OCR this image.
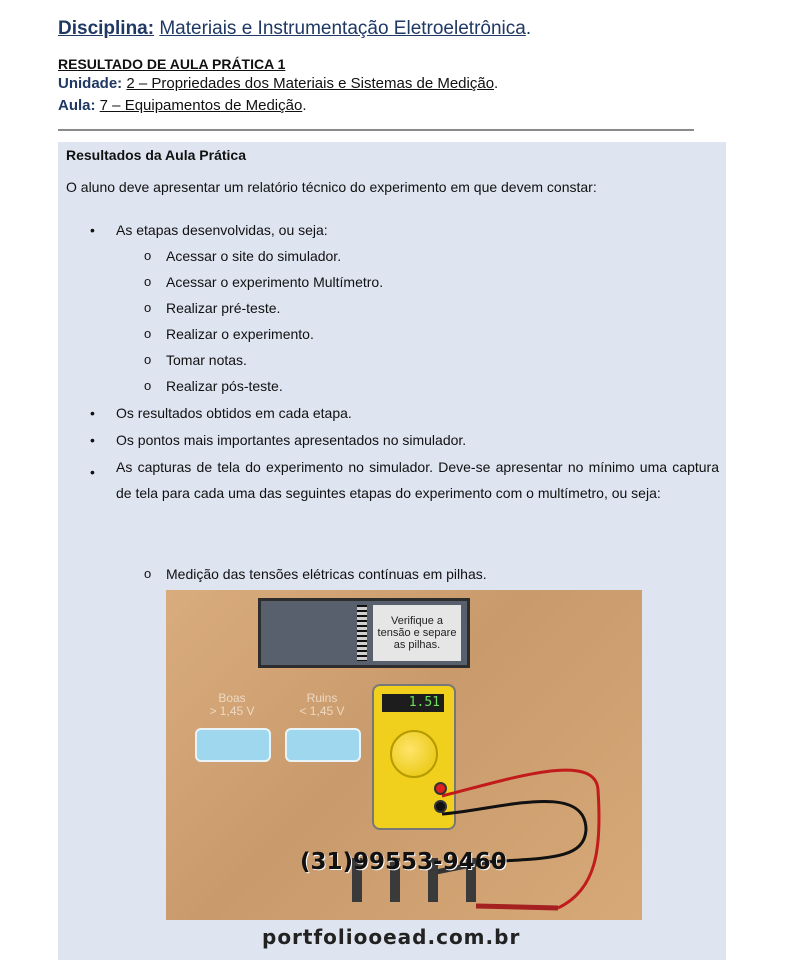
Disciplina: Materiais e Instrumentação Eletroeletrônica.
RESULTADO DE AULA PRÁTICA 1
Unidade: 2 – Propriedades dos Materiais e Sistemas de Medição.
Aula: 7 – Equipamentos de Medição.
Resultados da Aula Prática
O aluno deve apresentar um relatório técnico do experimento em que devem constar:
• As etapas desenvolvidas, ou seja:
o Acessar o site do simulador.
o Acessar o experimento Multímetro.
o Realizar pré-teste.
o Realizar o experimento.
o Tomar notas.
o Realizar pós-teste.
• Os resultados obtidos em cada etapa.
• Os pontos mais importantes apresentados no simulador.
• As capturas de tela do experimento no simulador. Deve-se apresentar no mínimo uma captura de tela para cada uma das seguintes etapas do experimento com o multímetro, ou seja:
o Medição das tensões elétricas contínuas em pilhas.
Verifique a tensão e separe as pilhas.
Boas
> 1,45 V
Ruins
< 1,45 V
1.51
(31)99553-9460
portfoliooead.com.br
